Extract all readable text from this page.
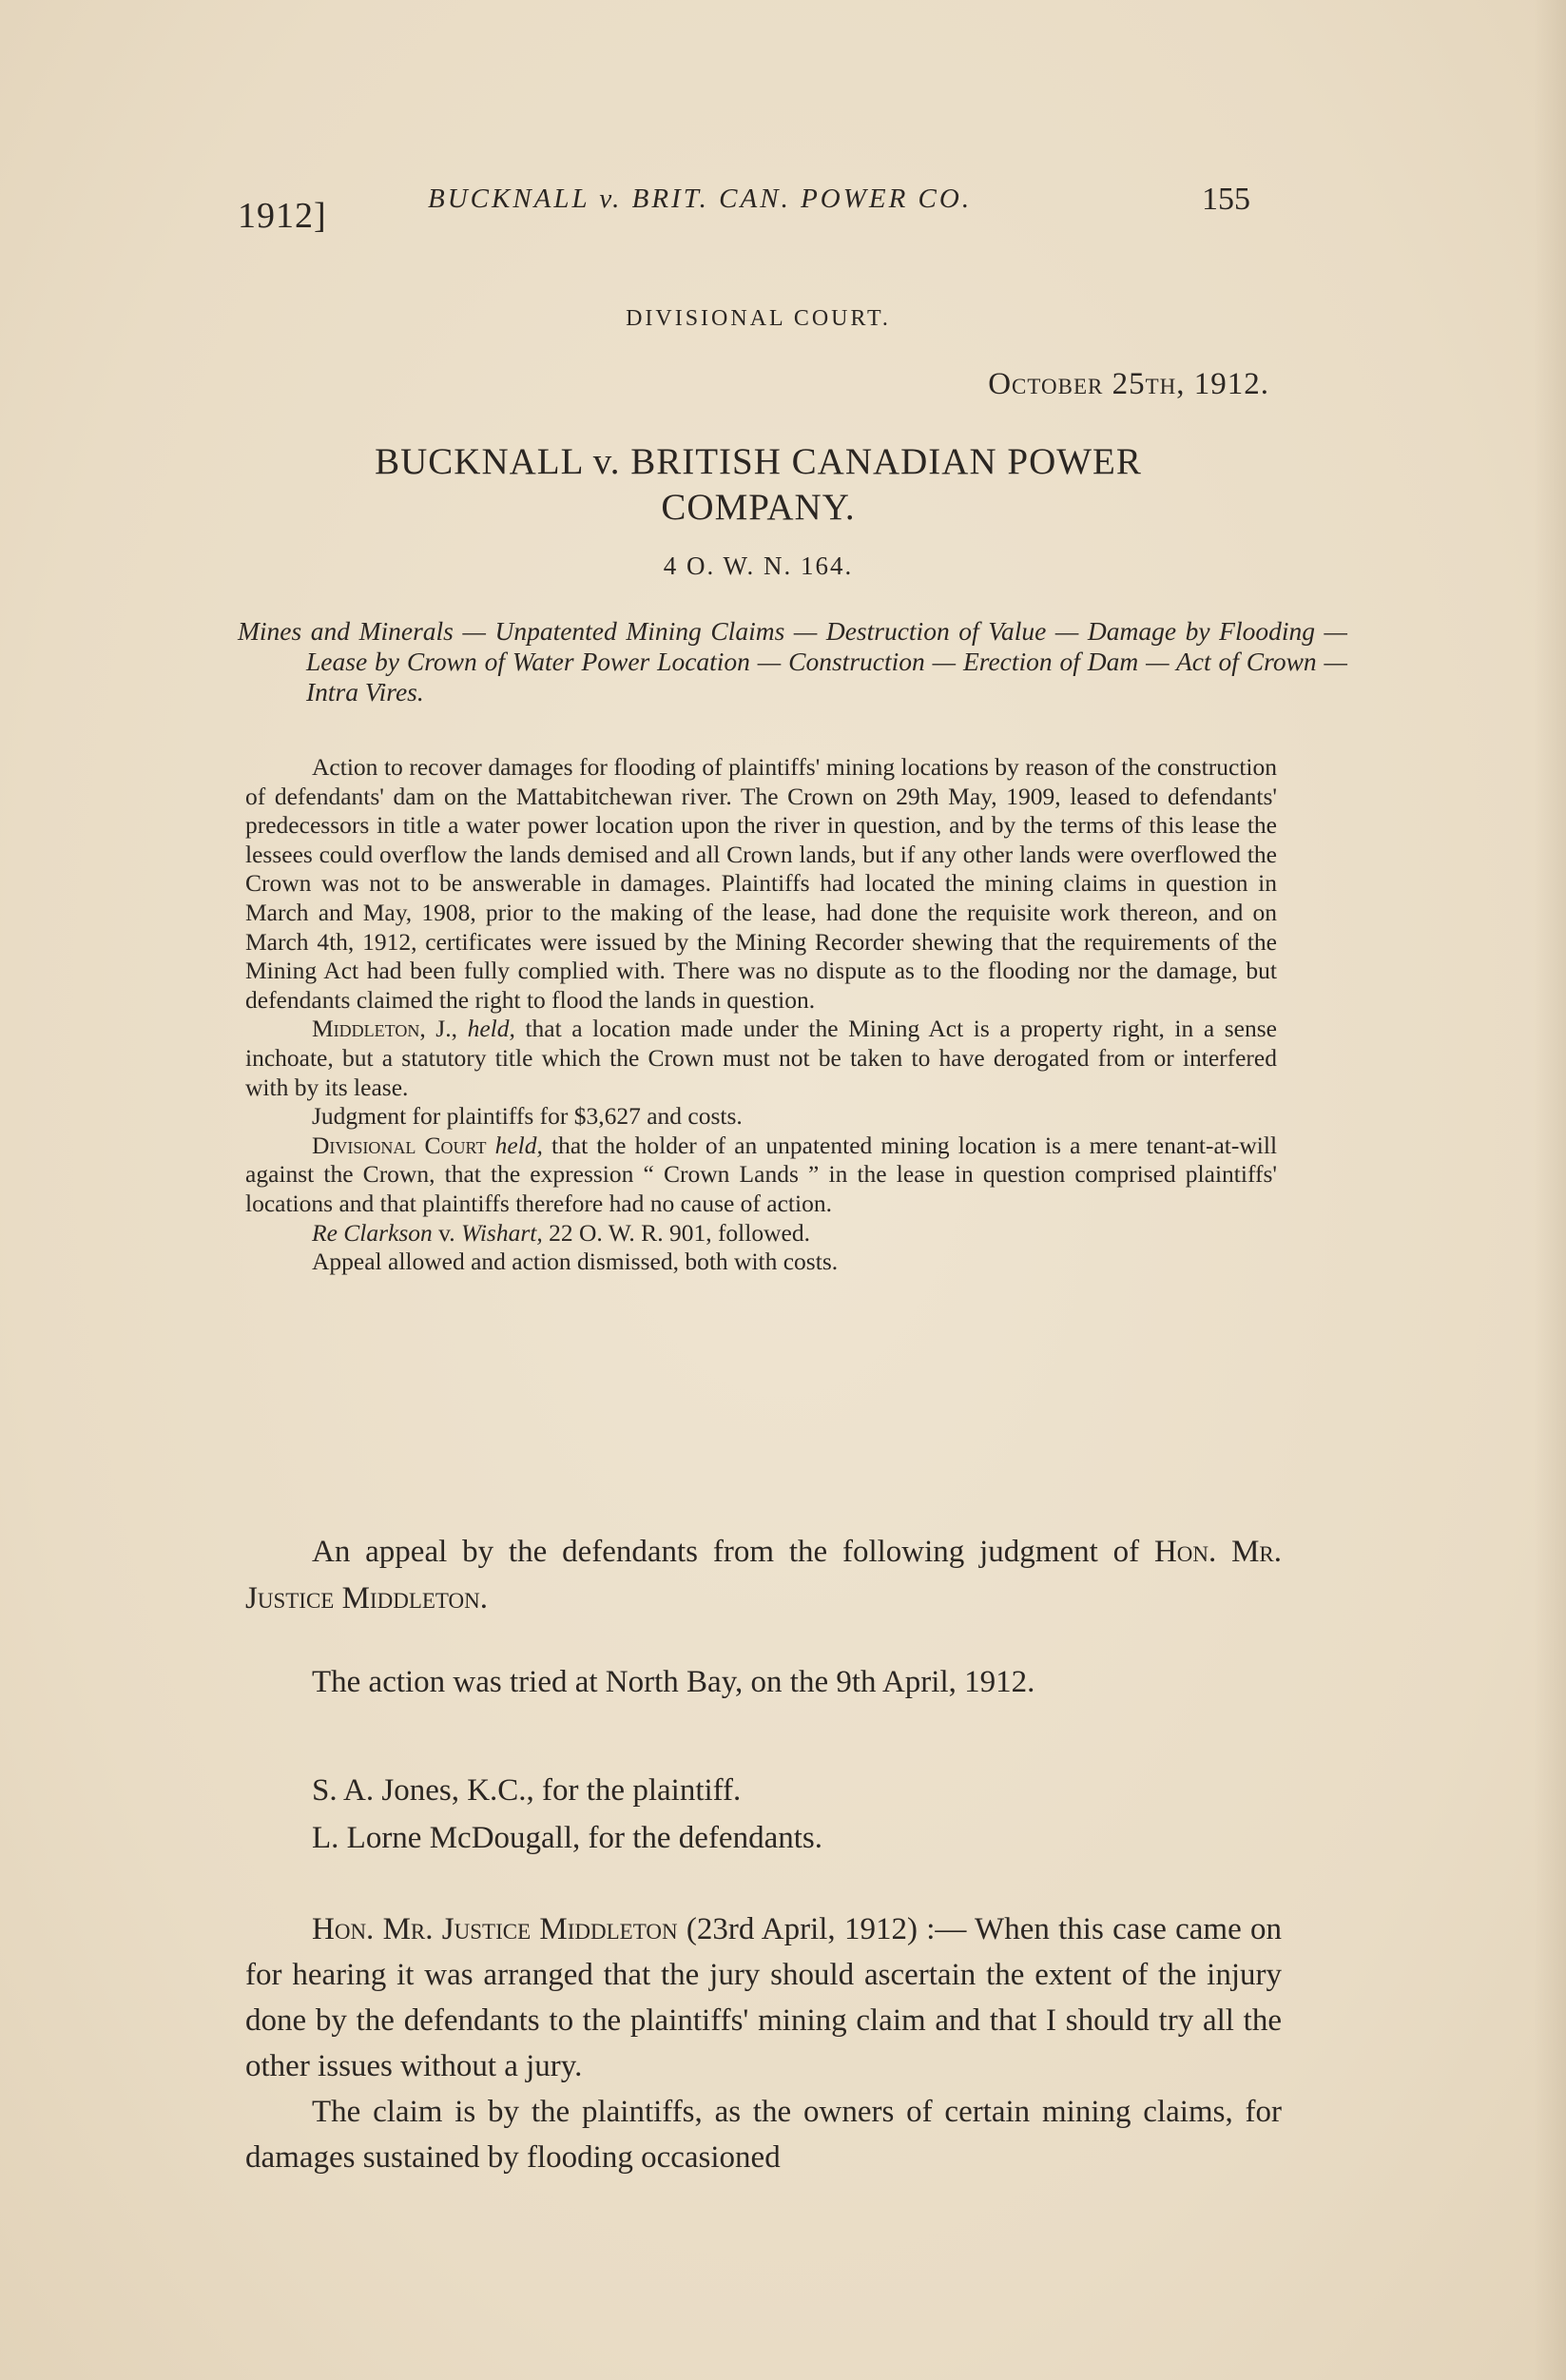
1912]	BUCKNALL v. BRIT. CAN. POWER CO.	155
DIVISIONAL COURT.
October 25th, 1912.
BUCKNALL v. BRITISH CANADIAN POWER
COMPANY.
4 O. W. N. 164.
Mines and Minerals — Unpatented Mining Claims — Destruction of Value — Damage by Flooding — Lease by Crown of Water Power Location — Construction — Erection of Dam — Act of Crown — Intra Vires.

Action to recover damages for flooding of plaintiffs' mining locations by reason of the construction of defendants' dam on the Mattabitchewan river. The Crown on 29th May, 1909, leased to defendants' predecessors in title a water power location upon the river in question, and by the terms of this lease the lessees could overflow the lands demised and all Crown lands, but if any other lands were overflowed the Crown was not to be answerable in damages. Plaintiffs had located the mining claims in question in March and May, 1908, prior to the making of the lease, had done the requisite work thereon, and on March 4th, 1912, certificates were issued by the Mining Recorder shewing that the requirements of the Mining Act had been fully complied with. There was no dispute as to the flooding nor the damage, but defendants claimed the right to flood the lands in question.

Middleton, J., held, that a location made under the Mining Act is a property right, in a sense inchoate, but a statutory title which the Crown must not be taken to have derogated from or interfered with by its lease.

Judgment for plaintiffs for $3,627 and costs.

Divisional Court held, that the holder of an unpatented mining location is a mere tenant-at-will against the Crown, that the expression “ Crown Lands ” in the lease in question comprised plaintiffs' locations and that plaintiffs therefore had no cause of action.

Re Clarkson v. Wishart, 22 O. W. R. 901, followed.

Appeal allowed and action dismissed, both with costs.

An appeal by the defendants from the following judgment of Hon. Mr. Justice Middleton.

The action was tried at North Bay, on the 9th April, 1912.

S. A. Jones, K.C., for the plaintiff.

L. Lorne McDougall, for the defendants.

Hon. Mr. Justice Middleton (23rd April, 1912) :— When this case came on for hearing it was arranged that the jury should ascertain the extent of the injury done by the defendants to the plaintiffs' mining claim and that I should try all the other issues without a jury.

The claim is by the plaintiffs, as the owners of certain mining claims, for damages sustained by flooding occasioned
